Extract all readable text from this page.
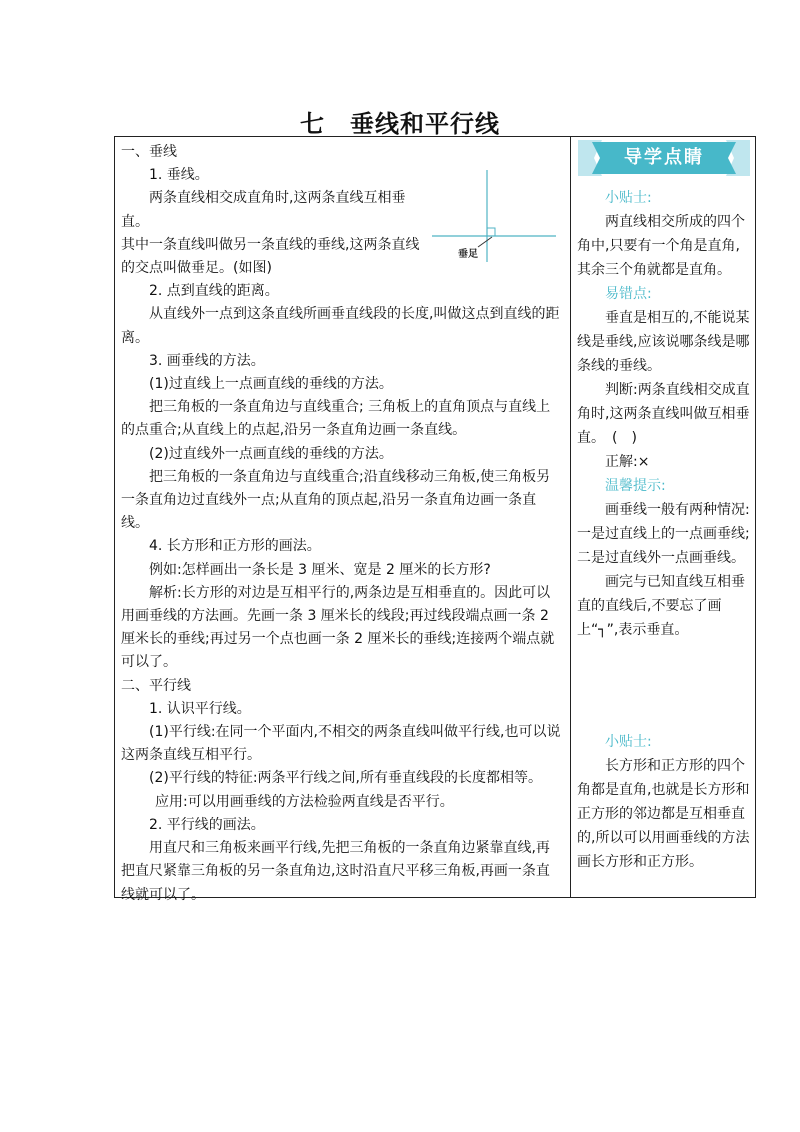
七　垂线和平行线
垂足

一、垂线

1. 垂线。

两条直线相交成直角时,这两条直线互相垂直。

其中一条直线叫做另一条直线的垂线,这两条直线

的交点叫做垂足。(如图)

2. 点到直线的距离。

从直线外一点到这条直线所画垂直线段的长度,叫做这点到直线的距离。

3. 画垂线的方法。

(1)过直线上一点画直线的垂线的方法。

把三角板的一条直角边与直线重合; 三角板上的直角顶点与直线上的点重合;从直线上的点起,沿另一条直角边画一条直线。

(2)过直线外一点画直线的垂线的方法。

把三角板的一条直角边与直线重合;沿直线移动三角板,使三角板另一条直角边过直线外一点;从直角的顶点起,沿另一条直角边画一条直线。

4. 长方形和正方形的画法。

例如:怎样画出一条长是 3 厘米、宽是 2 厘米的长方形?

解析:长方形的对边是互相平行的,两条边是互相垂直的。因此可以用画垂线的方法画。先画一条 3 厘米长的线段;再过线段端点画一条 2 厘米长的垂线;再过另一个点也画一条 2 厘米长的垂线;连接两个端点就可以了。

二、平行线

1. 认识平行线。

(1)平行线:在同一个平面内,不相交的两条直线叫做平行线,也可以说这两条直线互相平行。

(2)平行线的特征:两条平行线之间,所有垂直线段的长度都相等。

应用:可以用画垂线的方法检验两直线是否平行。

2. 平行线的画法。

用直尺和三角板来画平行线,先把三角板的一条直角边紧靠直线,再把直尺紧靠三角板的另一条直角边,这时沿直尺平移三角板,再画一条直线就可以了。

导学点睛

小贴士:

两直线相交所成的四个角中,只要有一个角是直角,其余三个角就都是直角。

易错点:

垂直是相互的,不能说某线是垂线,应该说哪条线是哪条线的垂线。

判断:两条直线相交成直角时,这两条直线叫做互相垂直。　(　)

正解:×

温馨提示:

画垂线一般有两种情况:一是过直线上的一点画垂线;二是过直线外一点画垂线。

画完与已知直线互相垂直的直线后,不要忘了画上“┐”,表示垂直。

小贴士:

长方形和正方形的四个角都是直角,也就是长方形和正方形的邻边都是互相垂直的,所以可以用画垂线的方法画长方形和正方形。
